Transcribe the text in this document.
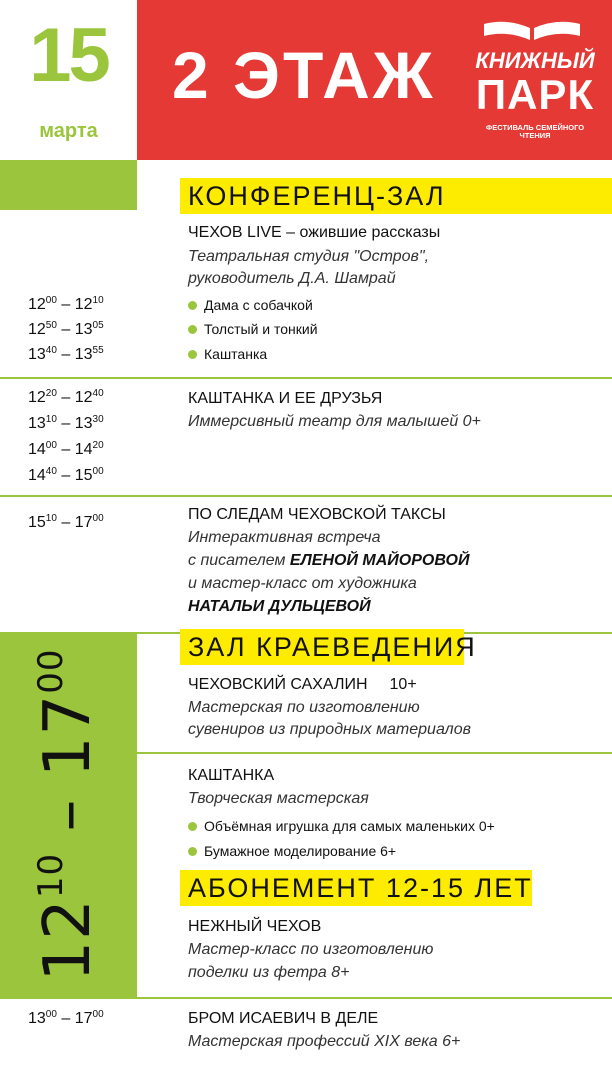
15
марта
2 ЭТАЖ КНИЖНЫЙ
ПАРК
ФЕСТИВАЛЬ СЕМЕЙНОГО ЧТЕНИЯ
$12^{10} - 17^{00}$
КОНФЕРЕНЦ-ЗАЛ
ЧЕХОВ LIVE – ожившие рассказы
Театральная студия "Остров",
руководитель Д.А. Шамрай
Дама с собачкой
Толстый и тонкий
Каштанка
$12^{00} - 12^{10}$
$12^{50} - 13^{05}$
$13^{40} - 13^{55}$
КАШТАНКА И ЕЕ ДРУЗЬЯ
Иммерсивный театр для малышей 0+
$12^{20} - 12^{40}$
$13^{10} - 13^{30}$
$14^{00} - 14^{20}$
$14^{40} - 15^{00}$
ПО СЛЕДАМ ЧЕХОВСКОЙ ТАКСЫ
Интерактивная встреча
с писателем ЕЛЕНОЙ МАЙОРОВОЙ
и мастер-класс от художника
НАТАЛЬИ ДУЛЬЦЕВОЙ
$15^{10} - 17^{00}$
ЗАЛ КРАЕВЕДЕНИЯ
ЧЕХОВСКИЙ САХАЛИН 10+
Мастерская по изготовлению
сувениров из природных материалов
КАШТАНКА
Творческая мастерская
Объёмная игрушка для самых маленьких 0+
Бумажное моделирование 6+
АБОНЕМЕНТ 12-15 ЛЕТ
НЕЖНЫЙ ЧЕХОВ
Мастер-класс по изготовлению
поделки из фетра 8+
БРОМ ИСАЕВИЧ В ДЕЛЕ
Мастерская профессий XIX века 6+
$13^{00} - 17^{00}$
